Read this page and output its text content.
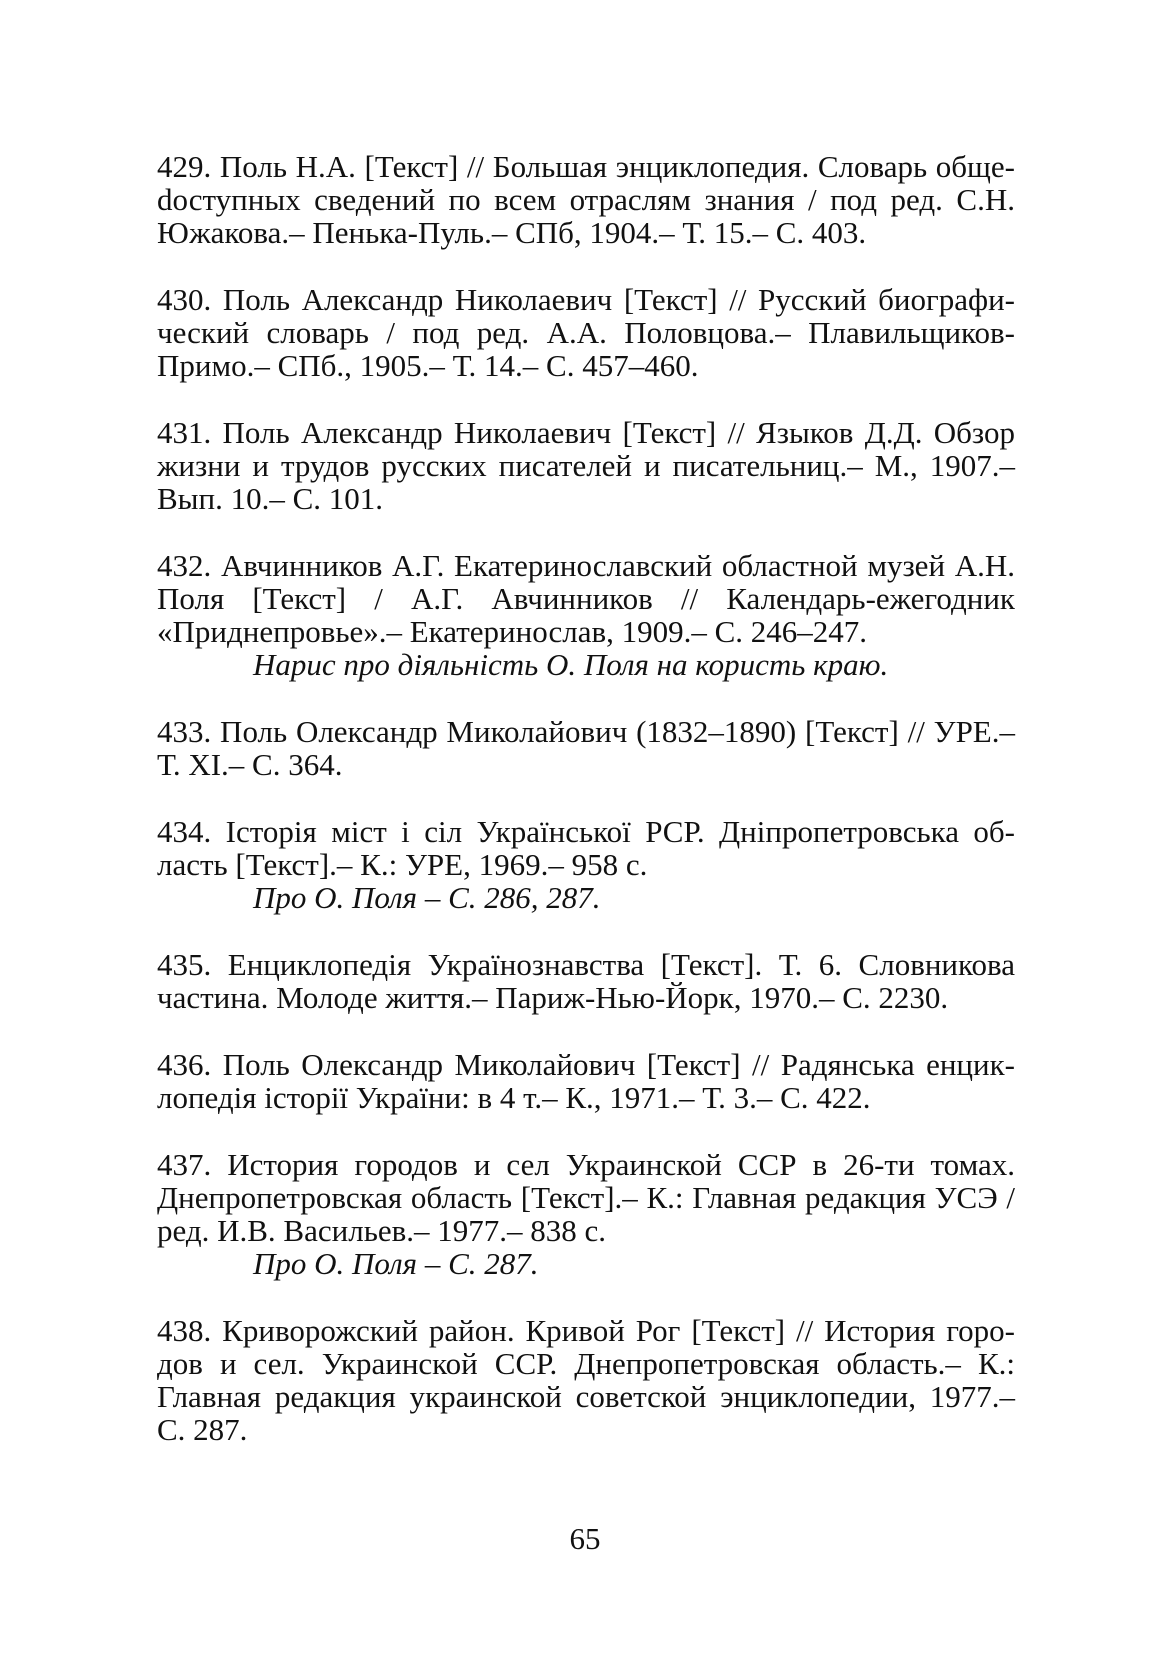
429. Поль Н.А. [Текст] // Большая энциклопедия. Словарь общеdоступных сведений по всем отраслям знания / под ред. С.Н. Южакова.– Пенька-Пуль.– СПб, 1904.– Т. 15.– С. 403.
430. Поль Александр Николаевич [Текст] // Русский биографический словарь / под ред. А.А. Половцова.– Плавильщиков-Примо.– СПб., 1905.– Т. 14.– С. 457–460.
431. Поль Александр Николаевич [Текст] // Языков Д.Д. Обзор жизни и трудов русских писателей и писательниц.– М., 1907.– Вып. 10.– С. 101.
432. Авчинников А.Г. Екатеринославский областной музей А.Н. Поля [Текст] / А.Г. Авчинников // Календарь-ежегодник «Приднепровье».– Екатеринослав, 1909.– С. 246–247.
Нарис про діяльність О. Поля на користь краю.
433. Поль Олександр Миколайович (1832–1890) [Текст] // УРЕ.– Т. XI.– С. 364.
434. Історія міст і сіл Української РСР. Дніпропетровська область [Текст].– К.: УРЕ, 1969.– 958 с.
Про О. Поля – С. 286, 287.
435. Енциклопедія Українознавства [Текст]. Т. 6. Словникова частина. Молоде життя.– Париж-Нью-Йорк, 1970.– С. 2230.
436. Поль Олександр Миколайович [Текст] // Радянська енциклопедія історії України: в 4 т.– К., 1971.– Т. 3.– С. 422.
437. История городов и сел Украинской ССР в 26-ти томах. Днепропетровская область [Текст].– К.: Главная редакция УСЭ / ред. И.В. Васильев.– 1977.– 838 с.
Про О. Поля – С. 287.
438. Криворожский район. Кривой Рог [Текст] // История городов и сел. Украинской ССР. Днепропетровская область.– К.: Главная редакция украинской советской энциклопедии, 1977.– С. 287.
65
